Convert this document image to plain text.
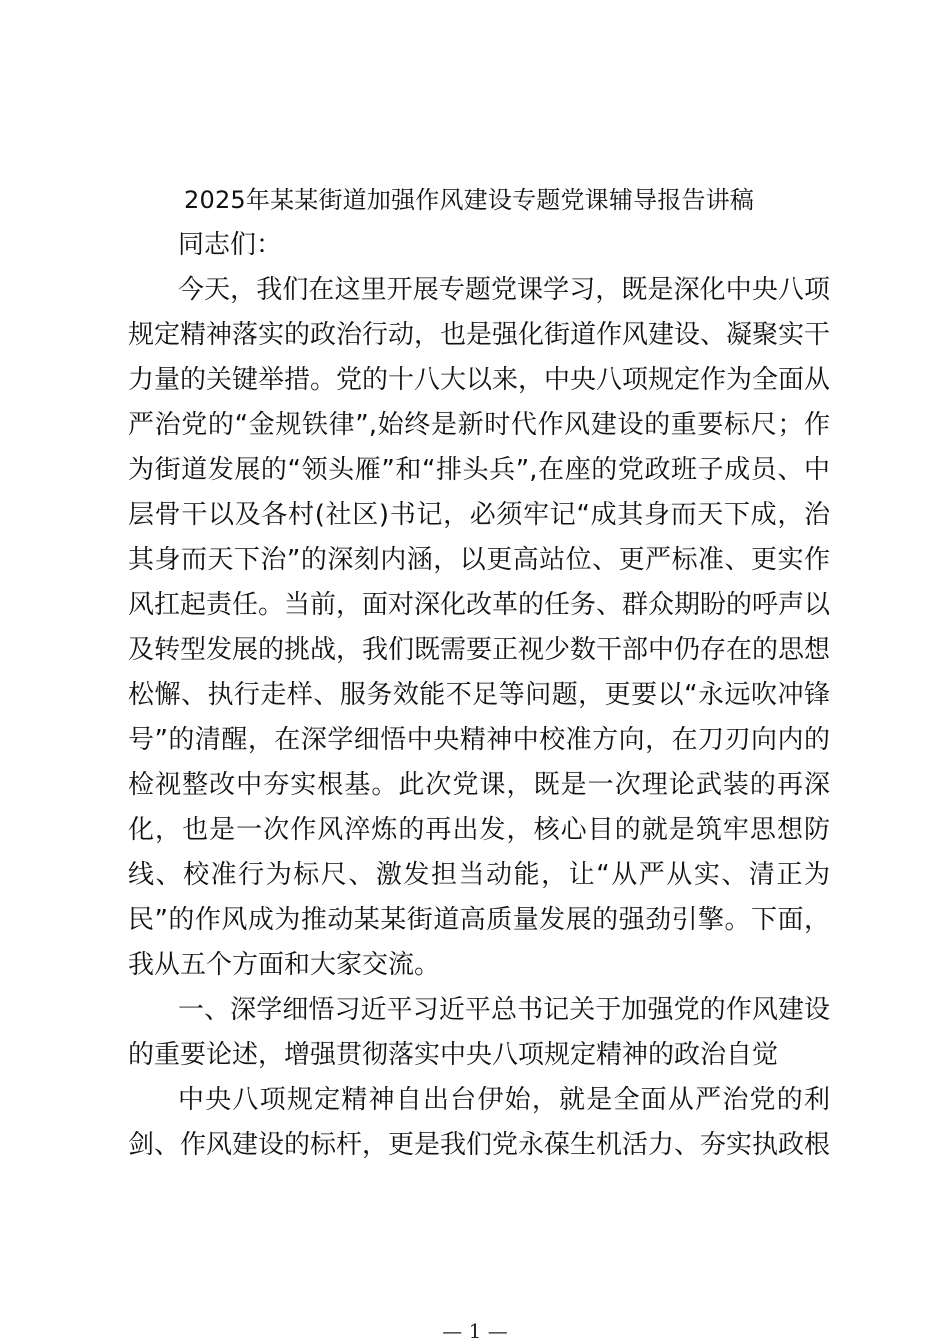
2025年某某街道加强作风建设专题党课辅导报告讲稿

同志们：

今天，我们在这里开展专题党课学习，既是深化中央八项规定精神落实的政治行动，也是强化街道作风建设、凝聚实干力量的关键举措。党的十八大以来，中央八项规定作为全面从严治党的“金规铁律”,始终是新时代作风建设的重要标尺；作为街道发展的“领头雁”和“排头兵”,在座的党政班子成员、中层骨干以及各村(社区)书记，必须牢记“成其身而天下成，治其身而天下治”的深刻内涵，以更高站位、更严标准、更实作风扛起责任。当前，面对深化改革的任务、群众期盼的呼声以及转型发展的挑战，我们既需要正视少数干部中仍存在的思想松懈、执行走样、服务效能不足等问题，更要以“永远吹冲锋号”的清醒，在深学细悟中央精神中校准方向，在刀刃向内的检视整改中夯实根基。此次党课，既是一次理论武装的再深化，也是一次作风淬炼的再出发，核心目的就是筑牢思想防线、校准行为标尺、激发担当动能，让“从严从实、清正为民”的作风成为推动某某街道高质量发展的强劲引擎。下面，我从五个方面和大家交流。

一、深学细悟习近平习近平总书记关于加强党的作风建设的重要论述，增强贯彻落实中央八项规定精神的政治自觉

中央八项规定精神自出台伊始，就是全面从严治党的利剑、作风建设的标杆，更是我们党永葆生机活力、夯实执政根

— 1 —
